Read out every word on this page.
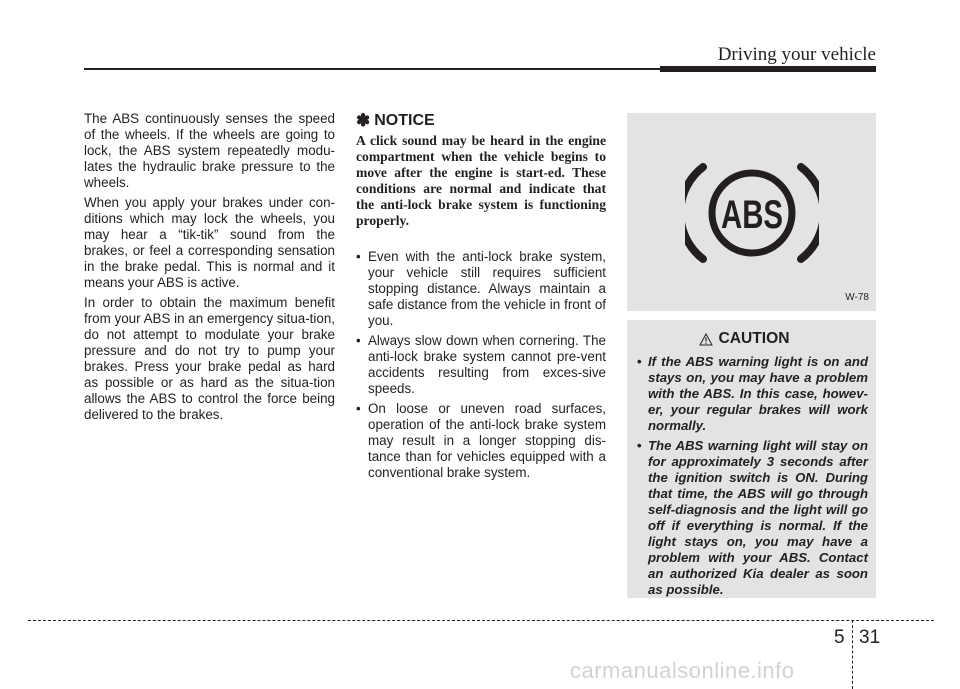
Driving your vehicle

The ABS continuously senses the speed of the wheels. If the wheels are going to lock, the ABS system repeatedly modu-lates the hydraulic brake pressure to the wheels.

When you apply your brakes under con-ditions which may lock the wheels, you may hear a “tik-tik” sound from the brakes, or feel a corresponding sensation in the brake pedal. This is normal and it means your ABS is active.

In order to obtain the maximum benefit from your ABS in an emergency situa-tion, do not attempt to modulate your brake pressure and do not try to pump your brakes. Press your brake pedal as hard as possible or as hard as the situa-tion allows the ABS to control the force being delivered to the brakes.

✽ NOTICE
A click sound may be heard in the engine compartment when the vehicle begins to move after the engine is start-ed. These conditions are normal and indicate that the anti-lock brake system is functioning properly.
• Even with the anti-lock brake system, your vehicle still requires sufficient stopping distance. Always maintain a safe distance from the vehicle in front of you.
• Always slow down when cornering. The anti-lock brake system cannot pre-vent accidents resulting from exces-sive speeds.
• On loose or uneven road surfaces, operation of the anti-lock brake system may result in a longer stopping dis-tance than for vehicles equipped with a conventional brake system.
ABS
W-78
CAUTION
• If the ABS warning light is on and stays on, you may have a problem with the ABS. In this case, howev-er, your regular brakes will work normally.
• The ABS warning light will stay on for approximately 3 seconds after the ignition switch is ON. During that time, the ABS will go through self-diagnosis and the light will go off if everything is normal. If the light stays on, you may have a problem with your ABS. Contact an authorized Kia dealer as soon as possible.
5 31
carmanualsonline.info
